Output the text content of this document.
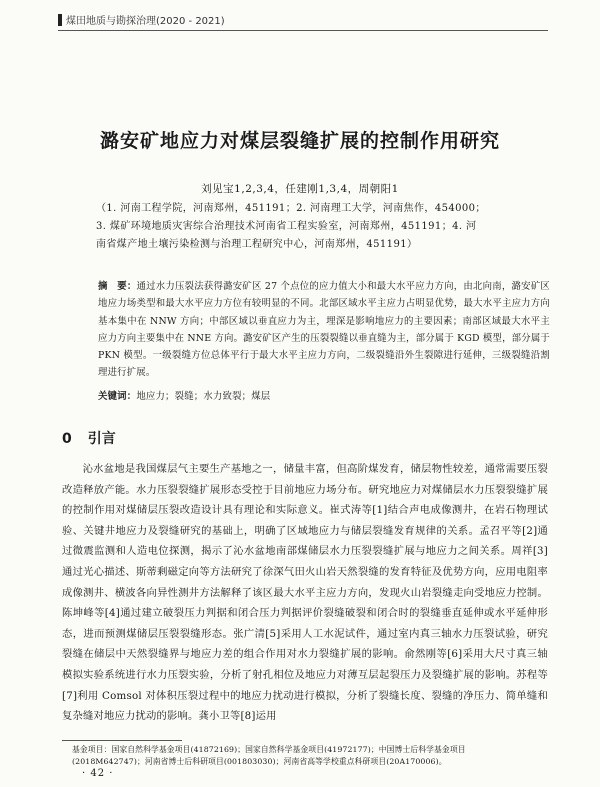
煤田地质与勘探治理(2020 - 2021)
潞安矿地应力对煤层裂缝扩展的控制作用研究
刘见宝1,2,3,4，任建刚1,3,4，周朝阳1

（1. 河南工程学院，河南郑州，451191；2. 河南理工大学，河南焦作，454000；

3. 煤矿环境地质灾害综合治理技术河南省工程实验室，河南郑州，451191；4. 河

南省煤产地土壤污染检测与治理工程研究中心，河南郑州，451191）

摘　要：通过水力压裂法获得潞安矿区 27 个点位的应力值大小和最大水平应力方向，由北向南，潞安矿区地应力场类型和最大水平应力方位有较明显的不同。北部区域水平主应力占明显优势，最大水平主应力方向基本集中在 NNW 方向；中部区域以垂直应力为主，埋深是影响地应力的主要因素；南部区域最大水平主应力方向主要集中在 NNE 方向。潞安矿区产生的压裂裂缝以垂直缝为主，部分属于 KGD 模型，部分属于 PKN 模型。一级裂缝方位总体平行于最大水平主应力方向，二级裂缝沿外生裂隙进行延伸，三级裂缝沿割理进行扩展。
关键词：地应力；裂缝；水力致裂；煤层
0 引言

沁水盆地是我国煤层气主要生产基地之一，储量丰富，但高阶煤发育，储层物性较差，通常需要压裂改造释放产能。水力压裂裂缝扩展形态受控于目前地应力场分布。研究地应力对煤储层水力压裂裂缝扩展的控制作用对煤储层压裂改造设计具有理论和实际意义。崔式涛等[1]结合声电成像测井，在岩石物理试验、关键井地应力及裂缝研究的基础上，明确了区域地应力与储层裂缝发育规律的关系。孟召平等[2]通过微震监测和人造电位探测，揭示了沁水盆地南部煤储层水力压裂裂缝扩展与地应力之间关系。周祥[3]通过光心描述、斯蒂剩磁定向等方法研究了徐深气田火山岩天然裂缝的发育特征及优势方向，应用电阻率成像测井、横波各向异性测井方法解释了该区最大水平主应力方向，发现火山岩裂缝走向受地应力控制。陈坤峰等[4]通过建立破裂压力判据和闭合压力判据评价裂缝破裂和闭合时的裂缝垂直延伸或水平延伸形态，进而预测煤储层压裂裂缝形态。张广清[5]采用人工水泥试件，通过室内真三轴水力压裂试验，研究裂缝在储层中天然裂缝界与地应力差的组合作用对水力裂缝扩展的影响。俞然刚等[6]采用大尺寸真三轴模拟实验系统进行水力压裂实验，分析了射孔相位及地应力对薄互层起裂压力及裂缝扩展的影响。苏程等[7]利用 Comsol 对体积压裂过程中的地应力扰动进行模拟，分析了裂缝长度、裂缝的净压力、简单缝和复杂缝对地应力扰动的影响。龚小卫等[8]运用

基金项目：国家自然科学基金项目(41872169)；国家自然科学基金项目(41972177)；中国博士后科学基金项目

(2018M642747)；河南省博士后科研项目(001803030)；河南省高等学校重点科研项目(20A170006)。

· 42 ·
